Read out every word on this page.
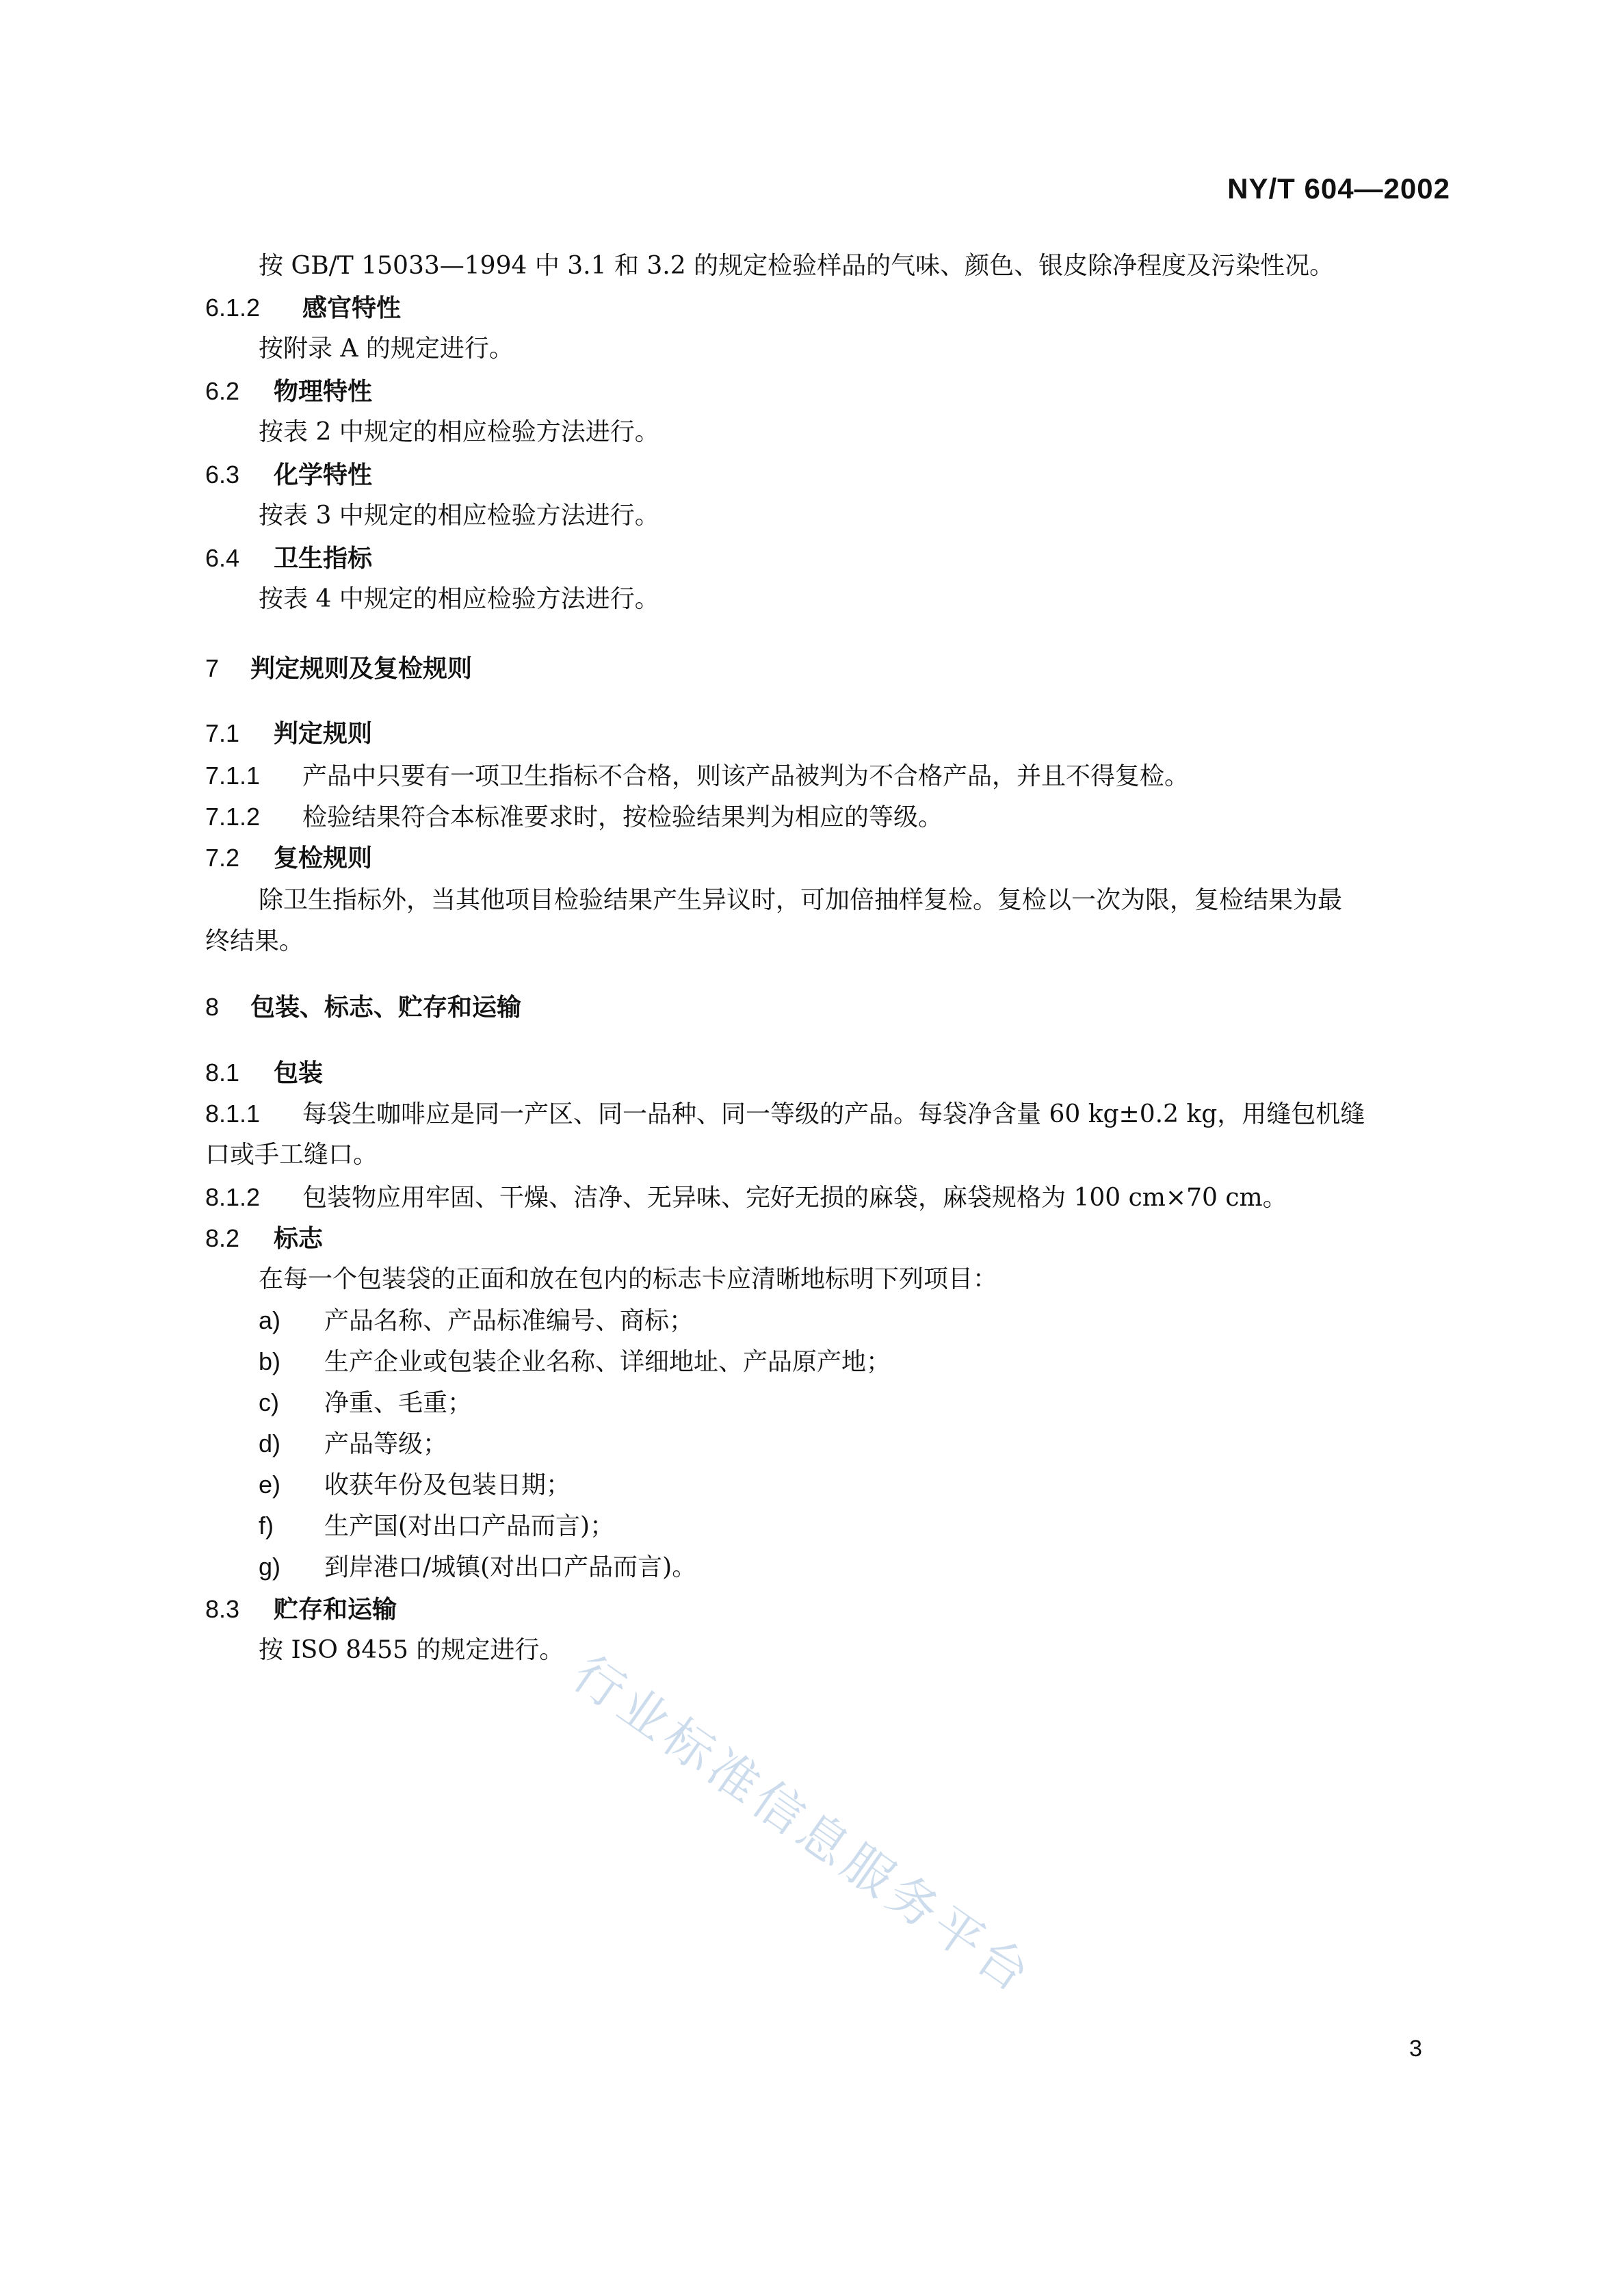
NY/T 604—2002
按 GB/T 15033—1994 中 3.1 和 3.2 的规定检验样品的气味、颜色、银皮除净程度及污染性况。
6.1.2 感官特性
按附录 A 的规定进行。
6.2 物理特性
按表 2 中规定的相应检验方法进行。
6.3 化学特性
按表 3 中规定的相应检验方法进行。
6.4 卫生指标
按表 4 中规定的相应检验方法进行。
7 判定规则及复检规则
7.1 判定规则
7.1.1 产品中只要有一项卫生指标不合格，则该产品被判为不合格产品，并且不得复检。
7.1.2 检验结果符合本标准要求时，按检验结果判为相应的等级。
7.2 复检规则
除卫生指标外，当其他项目检验结果产生异议时，可加倍抽样复检。复检以一次为限，复检结果为最
终结果。
8 包装、标志、贮存和运输
8.1 包装
8.1.1 每袋生咖啡应是同一产区、同一品种、同一等级的产品。每袋净含量 60 kg±0.2 kg，用缝包机缝
口或手工缝口。
8.1.2 包装物应用牢固、干燥、洁净、无异味、完好无损的麻袋，麻袋规格为 100 cm×70 cm。
8.2 标志
在每一个包装袋的正面和放在包内的标志卡应清晰地标明下列项目：
a) 产品名称、产品标准编号、商标；
b) 生产企业或包装企业名称、详细地址、产品原产地；
c) 净重、毛重；
d) 产品等级；
e) 收获年份及包装日期；
f) 生产国(对出口产品而言)；
g) 到岸港口/城镇(对出口产品而言)。
8.3 贮存和运输
按 ISO 8455 的规定进行。
行业标准信息服务平台
3
